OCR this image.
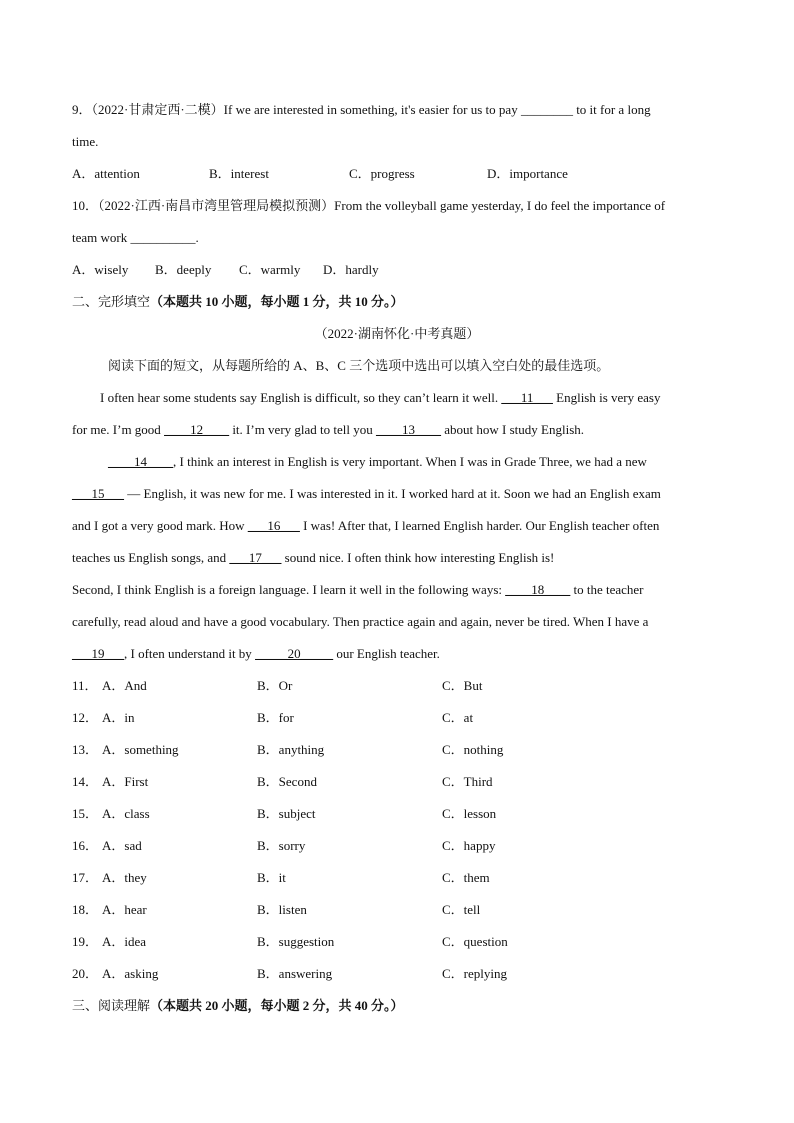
9．（2022·甘肃定西·二模）If we are interested in something, it's easier for us to pay ________ to it for a long
time.
A．attention	B．interest	C．progress	D．importance
10．（2022·江西·南昌市湾里管理局模拟预测）From the volleyball game yesterday, I do feel the importance of
team work __________.
A．wisely B．deeply C．warmly D．hardly
二、完形填空（本题共 10 小题，每小题 1 分，共 10 分。）
（2022·湖南怀化·中考真题）
阅读下面的短文，从每题所给的 A、B、C 三个选项中选出可以填入空白处的最佳选项。
I often hear some students say English is difficult, so they can’t learn it well. ___11___ English is very easy
for me. I’m good ____12____ it. I’m very glad to tell you ____13____ about how I study English.
____14____, I think an interest in English is very important. When I was in Grade Three, we had a new
___15___ — English, it was new for me. I was interested in it. I worked hard at it. Soon we had an English exam
and I got a very good mark. How ___16___ I was! After that, I learned English harder. Our English teacher often
teaches us English songs, and ___17___ sound nice. I often think how interesting English is!
Second, I think English is a foreign language. I learn it well in the following ways: ____18____ to the teacher
carefully, read aloud and have a good vocabulary. Then practice again and again, never be tired. When I have a
___19___, I often understand it by _____20_____ our English teacher.
11． A．And	B．Or	C．But
12． A．in	B．for	C．at
13． A．something	B．anything	C．nothing
14． A．First	B．Second	C．Third
15． A．class	B．subject	C．lesson
16． A．sad	B．sorry	C．happy
17． A．they	B．it	C．them
18． A．hear	B．listen	C．tell
19． A．idea	B．suggestion	C．question
20． A．asking	B．answering	C．replying
三、阅读理解（本题共 20 小题，每小题 2 分，共 40 分。）
